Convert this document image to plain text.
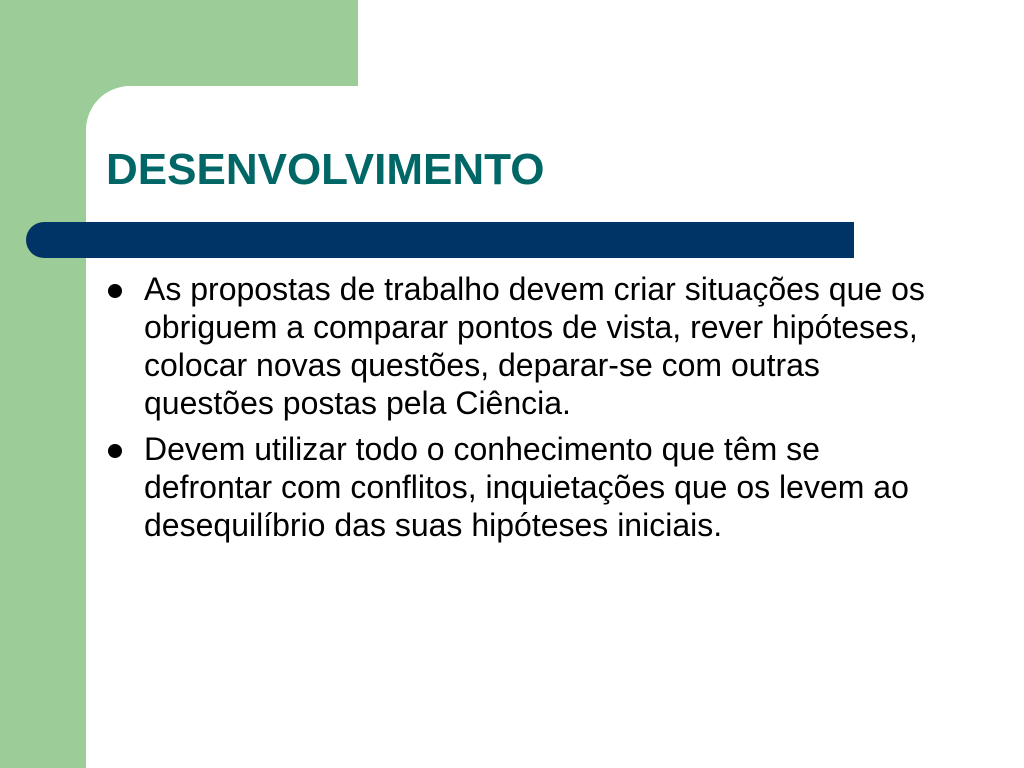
DESENVOLVIMENTO
As propostas de trabalho devem criar situações que os obriguem a comparar pontos de vista, rever hipóteses, colocar novas questões, deparar-se com outras questões postas pela Ciência.
Devem utilizar todo o conhecimento que têm se defrontar com conflitos, inquietações que os levem ao desequilíbrio das suas hipóteses iniciais.
